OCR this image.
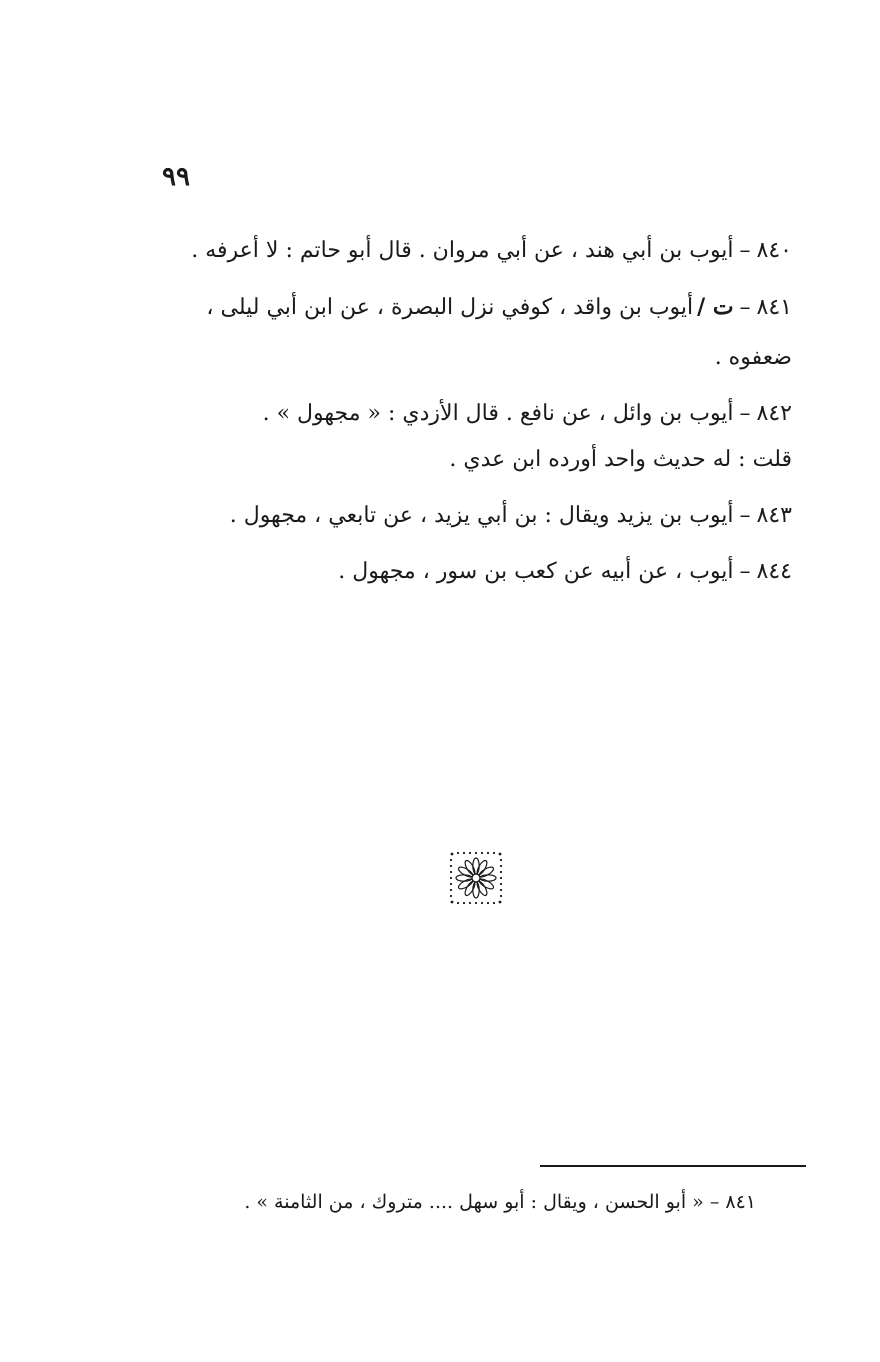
٩٩

٨٤٠–أيوب بن أبي هند ، عن أبي مروان . قال أبو حاتم : لا أعرفه .

٨٤١–ت /أيوب بن واقد ، كوفي نزل البصرة ، عن ابن أبي ليلى ، ضعفوه .

٨٤٢–أيوب بن وائل ، عن نافع . قال الأزدي : « مجهول » .

قلت : له حديث واحد أورده ابن عدي .

٨٤٣–أيوب بن يزيد ويقال : بن أبي يزيد ، عن تابعي ، مجهول .

٨٤٤–أيوب ، عن أبيه عن كعب بن سور ، مجهول .

٨٤١ – « أبو الحسن ، ويقال : أبو سهل .... متروك ، من الثامنة » .
